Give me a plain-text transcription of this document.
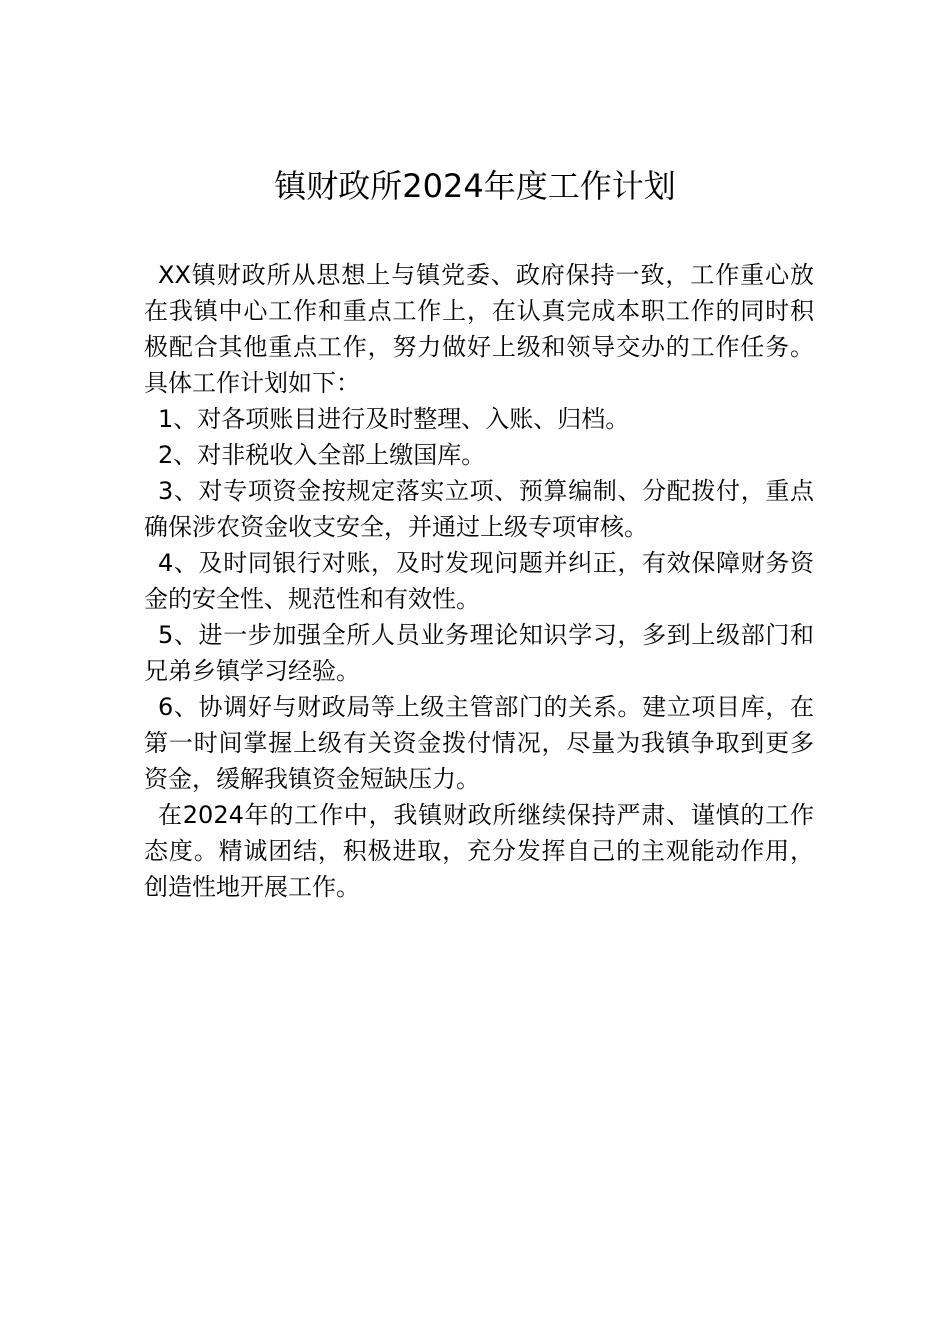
镇财政所2024年度工作计划

XX镇财政所从思想上与镇党委、政府保持一致，工作重心放在我镇中心工作和重点工作上，在认真完成本职工作的同时积极配合其他重点工作，努力做好上级和领导交办的工作任务。具体工作计划如下：

1、对各项账目进行及时整理、入账、归档。

2、对非税收入全部上缴国库。

3、对专项资金按规定落实立项、预算编制、分配拨付，重点确保涉农资金收支安全，并通过上级专项审核。

4、及时同银行对账，及时发现问题并纠正，有效保障财务资金的安全性、规范性和有效性。

5、进一步加强全所人员业务理论知识学习，多到上级部门和兄弟乡镇学习经验。

6、协调好与财政局等上级主管部门的关系。建立项目库，在第一时间掌握上级有关资金拨付情况，尽量为我镇争取到更多资金，缓解我镇资金短缺压力。

在2024年的工作中，我镇财政所继续保持严肃、谨慎的工作态度。精诚团结，积极进取，充分发挥自己的主观能动作用，创造性地开展工作。
